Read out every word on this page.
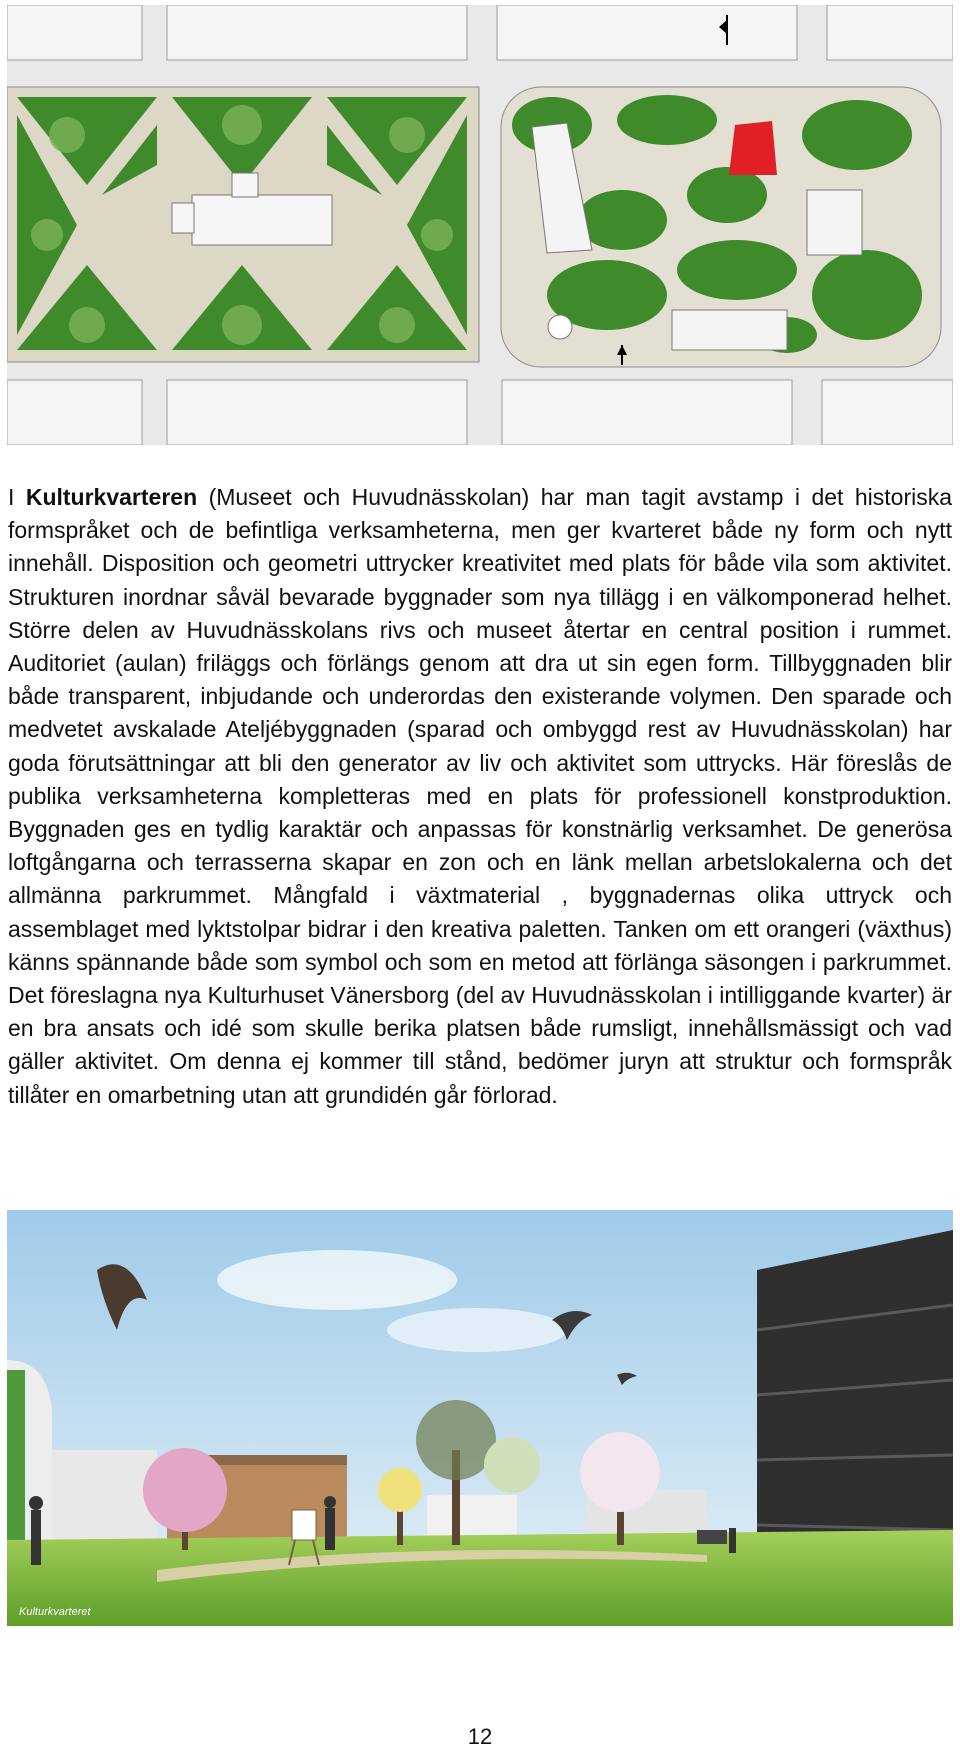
I Kulturkvarteren (Museet och Huvudnässkolan) har man tagit avstamp i det historiska formspråket och de befintliga verksamheterna, men ger kvarteret både ny form och nytt innehåll. Disposition och geometri uttrycker kreativitet med plats för både vila som aktivitet. Strukturen inordnar såväl bevarade byggnader som nya tillägg i en välkomponerad helhet. Större delen av Huvudnässkolans rivs och museet återtar en central position i rummet. Auditoriet (aulan) friläggs och förlängs genom att dra ut sin egen form. Tillbyggnaden blir både transparent, inbjudande och underordas den existerande volymen. Den sparade och medvetet avskalade Ateljébyggnaden (sparad och ombyggd rest av Huvudnässkolan) har goda förutsättningar att bli den generator av liv och aktivitet som uttrycks. Här föreslås de publika verksamheterna kompletteras med en plats för professionell konstproduktion. Byggnaden ges en tydlig karaktär och anpassas för konstnärlig verksamhet. De generösa loftgångarna och terrasserna skapar en zon och en länk mellan arbetslokalerna och det allmänna parkrummet. Mångfald i växtmaterial , byggnadernas olika uttryck och assemblaget med lyktstolpar bidrar i den kreativa paletten. Tanken om ett orangeri (växthus) känns spännande både som symbol och som en metod att förlänga säsongen i parkrummet. Det föreslagna nya Kulturhuset Vänersborg (del av Huvudnässkolan i intilliggande kvarter) är en bra ansats och idé som skulle berika platsen både rumsligt, innehållsmässigt och vad gäller aktivitet. Om denna ej kommer till stånd, bedömer juryn att struktur och formspråk tillåter en omarbetning utan att grundidén går förlorad.

Kulturkvarteret
12
